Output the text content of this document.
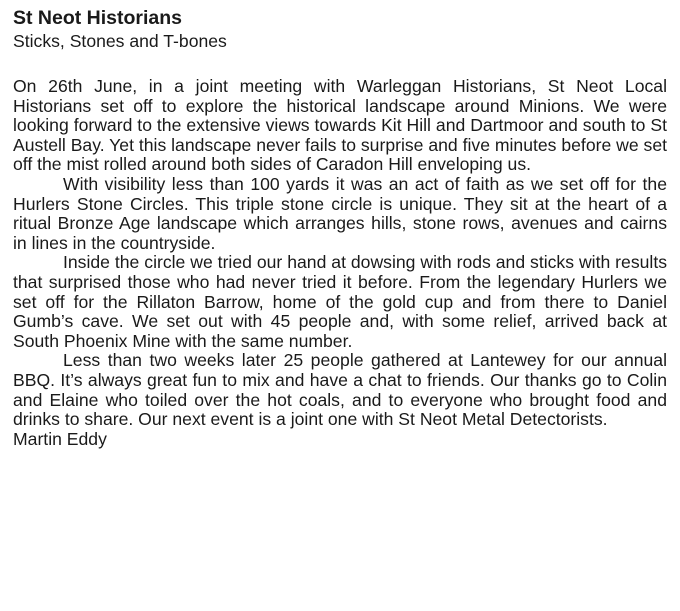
St Neot Historians
Sticks, Stones and T-bones

On 26th June, in a joint meeting with Warleggan Historians, St Neot Local Historians set off to explore the historical landscape around Minions. We were looking forward to the extensive views towards Kit Hill and Dartmoor and south to St Austell Bay. Yet this landscape never fails to surprise and five minutes before we set off the mist rolled around both sides of Caradon Hill enveloping us.

With visibility less than 100 yards it was an act of faith as we set off for the Hurlers Stone Circles. This triple stone circle is unique. They sit at the heart of a ritual Bronze Age landscape which arranges hills, stone rows, avenues and cairns in lines in the countryside.

Inside the circle we tried our hand at dowsing with rods and sticks with results that surprised those who had never tried it before. From the legendary Hurlers we set off for the Rillaton Barrow, home of the gold cup and from there to Daniel Gumb’s cave. We set out with 45 people and, with some relief, arrived back at South Phoenix Mine with the same number.

Less than two weeks later 25 people gathered at Lantewey for our annual BBQ. It’s always great fun to mix and have a chat to friends. Our thanks go to Colin and Elaine who toiled over the hot coals, and to everyone who brought food and drinks to share. Our next event is a joint one with St Neot Metal Detectorists.

Martin Eddy
